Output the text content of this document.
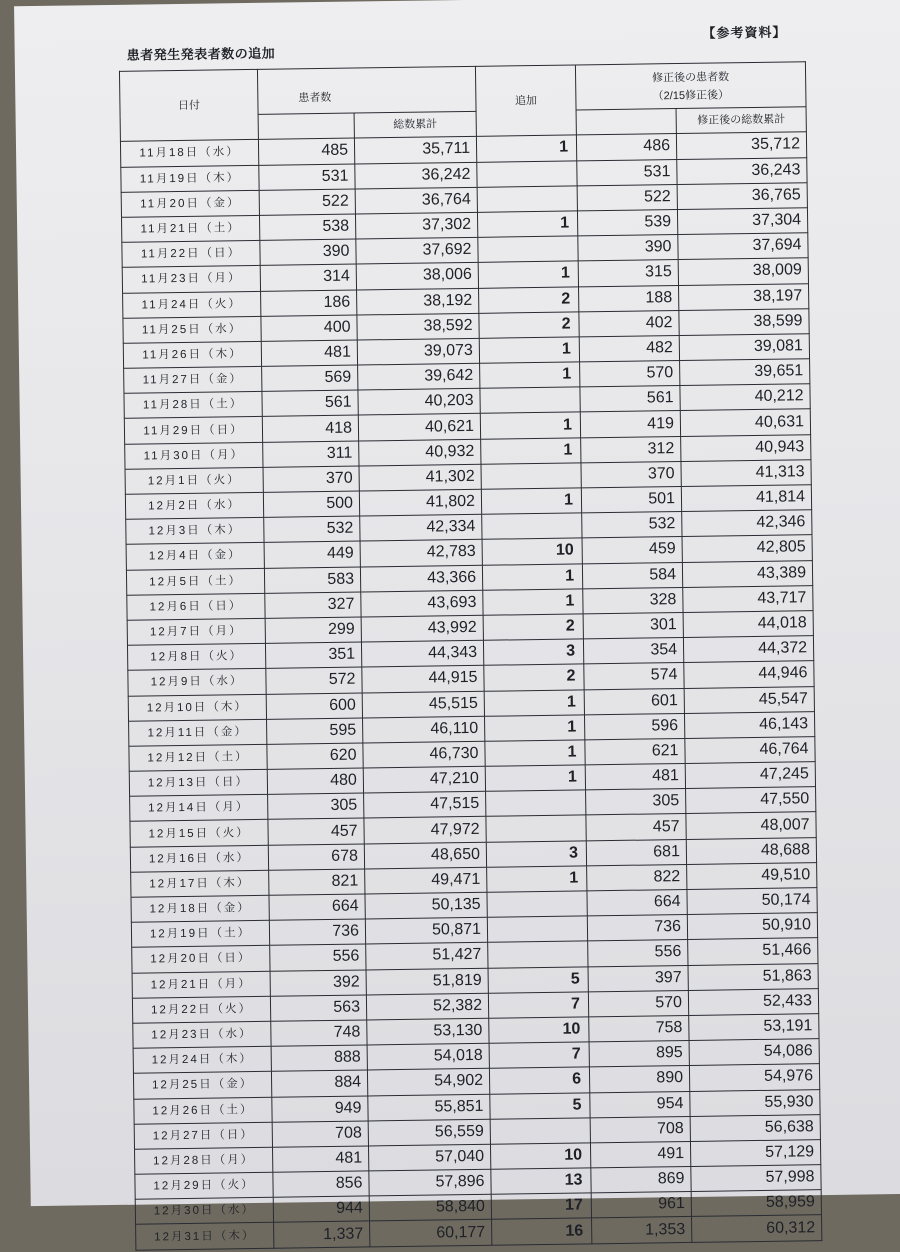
【参考資料】
患者発生発表者数の追加
日付	患者数		追加	修正後の患者数
（2/15修正後）	

		総数累計			修正後の総数累計
11月18日（水）	485	35,711	1	486	35,712
11月19日（木）	531	36,242		531	36,243
11月20日（金）	522	36,764		522	36,765
11月21日（土）	538	37,302	1	539	37,304
11月22日（日）	390	37,692		390	37,694
11月23日（月）	314	38,006	1	315	38,009
11月24日（火）	186	38,192	2	188	38,197
11月25日（水）	400	38,592	2	402	38,599
11月26日（木）	481	39,073	1	482	39,081
11月27日（金）	569	39,642	1	570	39,651
11月28日（土）	561	40,203		561	40,212
11月29日（日）	418	40,621	1	419	40,631
11月30日（月）	311	40,932	1	312	40,943
12月1日（火）	370	41,302		370	41,313
12月2日（水）	500	41,802	1	501	41,814
12月3日（木）	532	42,334		532	42,346
12月4日（金）	449	42,783	10	459	42,805
12月5日（土）	583	43,366	1	584	43,389
12月6日（日）	327	43,693	1	328	43,717
12月7日（月）	299	43,992	2	301	44,018
12月8日（火）	351	44,343	3	354	44,372
12月9日（水）	572	44,915	2	574	44,946
12月10日（木）	600	45,515	1	601	45,547
12月11日（金）	595	46,110	1	596	46,143
12月12日（土）	620	46,730	1	621	46,764
12月13日（日）	480	47,210	1	481	47,245
12月14日（月）	305	47,515		305	47,550
12月15日（火）	457	47,972		457	48,007
12月16日（水）	678	48,650	3	681	48,688
12月17日（木）	821	49,471	1	822	49,510
12月18日（金）	664	50,135		664	50,174
12月19日（土）	736	50,871		736	50,910
12月20日（日）	556	51,427		556	51,466
12月21日（月）	392	51,819	5	397	51,863
12月22日（火）	563	52,382	7	570	52,433
12月23日（水）	748	53,130	10	758	53,191
12月24日（木）	888	54,018	7	895	54,086
12月25日（金）	884	54,902	6	890	54,976
12月26日（土）	949	55,851	5	954	55,930
12月27日（日）	708	56,559		708	56,638
12月28日（月）	481	57,040	10	491	57,129
12月29日（火）	856	57,896	13	869	57,998
12月30日（水）	944	58,840	17	961	58,959
12月31日（木）	1,337	60,177	16	1,353	60,312
